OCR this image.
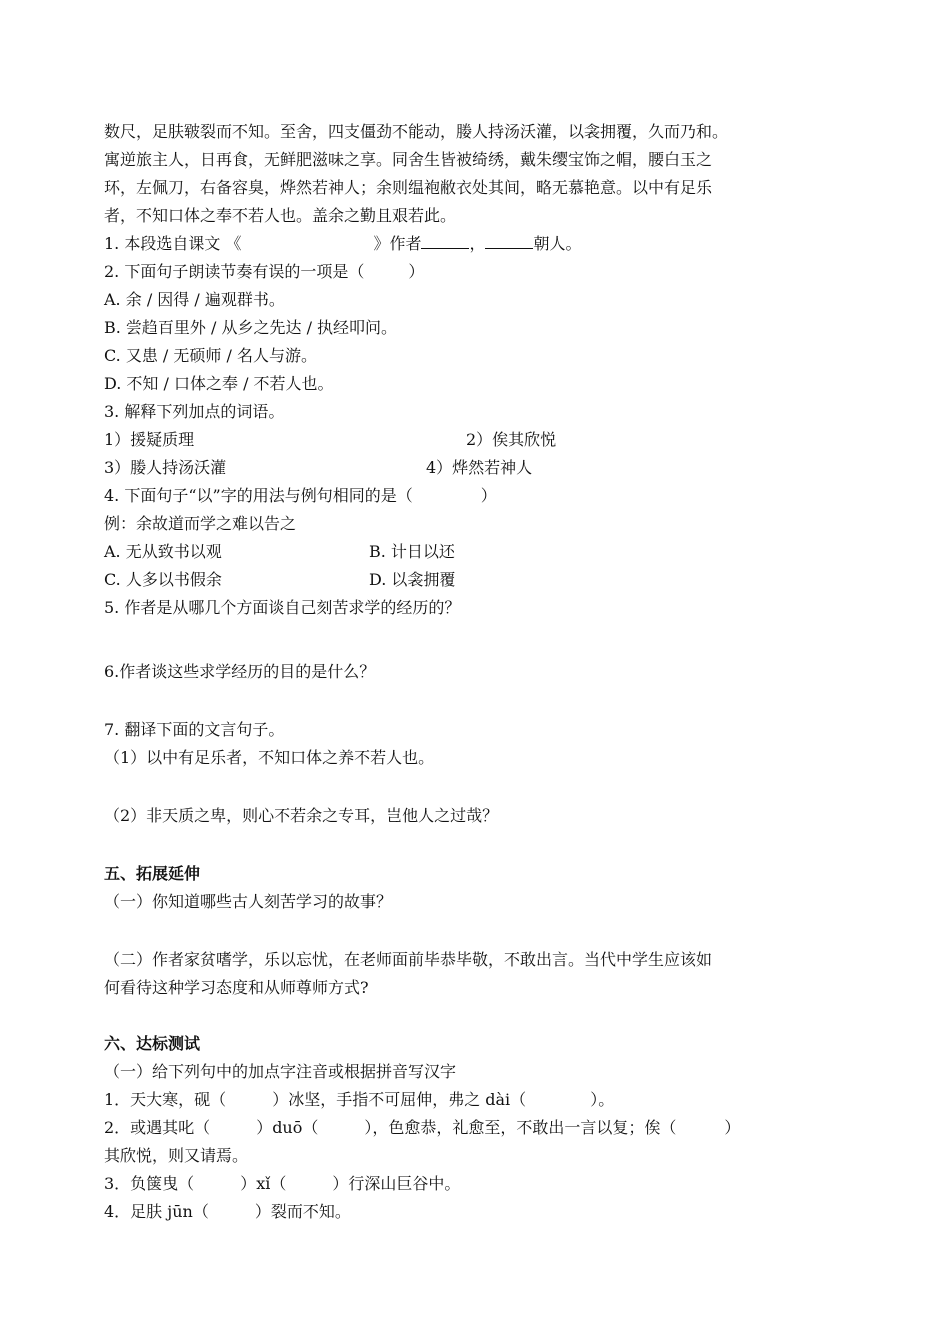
数尺，足肤皲裂而不知。至舍，四支僵劲不能动，媵人持汤沃灌，以衾拥覆，久而乃和。
寓逆旅主人，日再食，无鲜肥滋味之享。同舍生皆被绮绣，戴朱缨宝饰之帽，腰白玉之
环，左佩刀，右备容臭，烨然若神人；余则缊袍敝衣处其间，略无慕艳意。以中有足乐
者，不知口体之奉不若人也。盖余之勤且艰若此。
1. 本段选自课文 《	》作者	，	朝人。
2. 下面句子朗读节奏有误的一项是（	）
A. 余 / 因得 / 遍观群书。
B. 尝趋百里外 / 从乡之先达 / 执经叩问。
C. 又患 / 无硕师 / 名人与游。
D. 不知 / 口体之奉 / 不若人也。
3. 解释下列加点的词语。
1）援疑质理	2）俟其欣悦
3）媵人持汤沃灌	4）烨然若神人
4. 下面句子“以”字的用法与例句相同的是（	）
例：余故道而学之难以告之
A. 无从致书以观	B. 计日以还
C. 人多以书假余	D. 以衾拥覆
5. 作者是从哪几个方面谈自己刻苦求学的经历的？
6.作者谈这些求学经历的目的是什么？
7. 翻译下面的文言句子。
（1）以中有足乐者，不知口体之养不若人也。
（2）非天质之卑，则心不若余之专耳，岂他人之过哉？
五、拓展延伸
（一）你知道哪些古人刻苦学习的故事？
（二）作者家贫嗜学，乐以忘忧，在老师面前毕恭毕敬，不敢出言。当代中学生应该如
何看待这种学习态度和从师尊师方式?
六、达标测试
（一）给下列句中的加点字注音或根据拼音写汉字
1．天大寒，砚（	）冰坚，手指不可屈伸，弗之 dài（	）。
2．或遇其叱（	）duō（	），色愈恭，礼愈至，不敢出一言以复；俟（	）
其欣悦，则又请焉。
3．负箧曳（	）xǐ（	）行深山巨谷中。
4．足肤 jūn（	）裂而不知。
